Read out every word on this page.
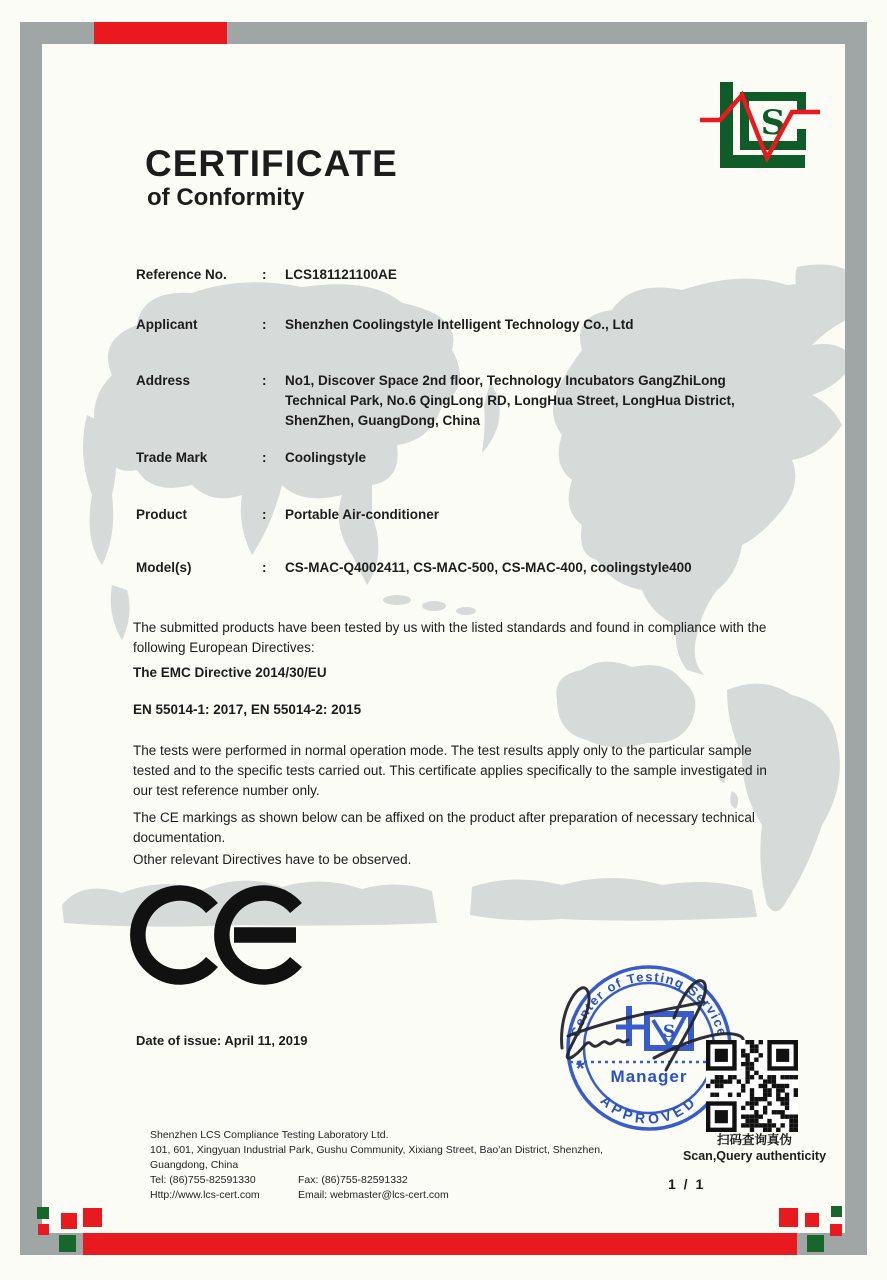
S
CERTIFICATE
of Conformity
Reference No.	: LCS181121100AE
Applicant	: Shenzhen Coolingstyle Intelligent Technology Co., Ltd
Address	: No1, Discover Space 2nd floor, Technology Incubators GangZhiLong Technical Park, No.6 QingLong RD, LongHua Street, LongHua District, ShenZhen, GuangDong, China
Trade Mark	: Coolingstyle
Product	: Portable Air-conditioner
Model(s)	: CS-MAC-Q4002411, CS-MAC-500, CS-MAC-400, coolingstyle400
The submitted products have been tested by us with the listed standards and found in compliance with the following European Directives:
The EMC Directive 2014/30/EU
EN 55014-1: 2017, EN 55014-2: 2015
The tests were performed in normal operation mode. The test results apply only to the particular sample tested and to the specific tests carried out. This certificate applies specifically to the sample investigated in our test reference number only.
The CE markings as shown below can be affixed on the product after preparation of necessary technical documentation.
Other relevant Directives have to be observed.
Date of issue: April 11, 2019
Center of Testing Service
APPROVED
S
* Manager
扫码查询真伪
Scan,Query authenticity
Shenzhen LCS Compliance Testing Laboratory Ltd.
101, 601, Xingyuan Industrial Park, Gushu Community, Xixiang Street, Bao'an District, Shenzhen,
Guangdong, China
Tel: (86)755-82591330	Fax: (86)755-82591332
Http://www.lcs-cert.com	Email: webmaster@lcs-cert.com
1 / 1
